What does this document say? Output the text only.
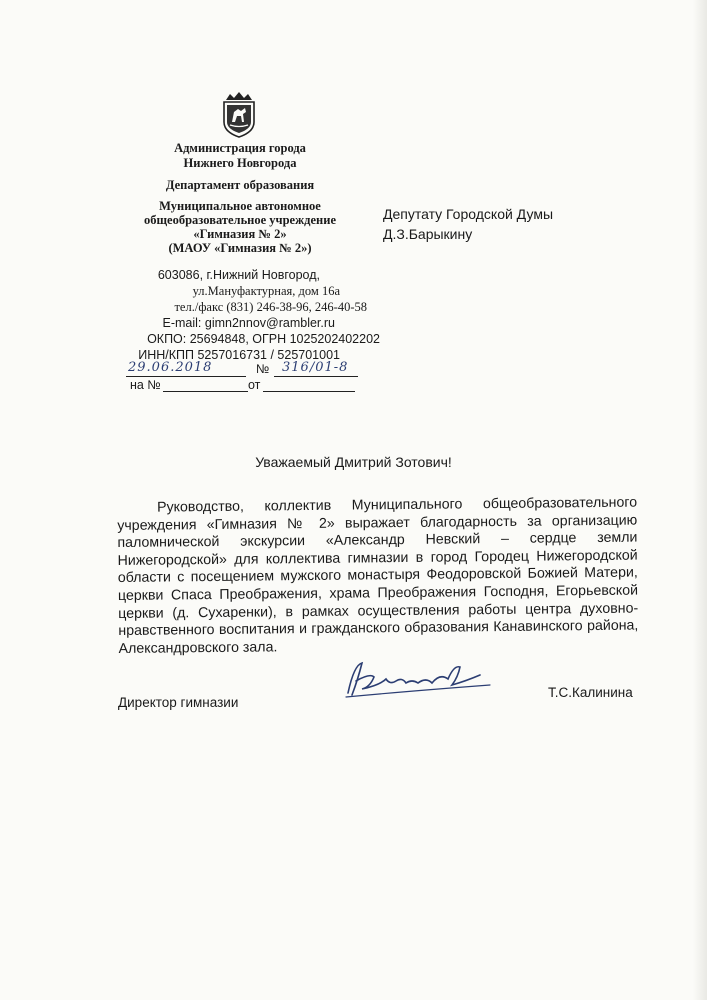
Администрация города

Нижнего Новгорода

Департамент образования

Муниципальное автономное

общеобразовательное учреждение

«Гимназия № 2»

(МАОУ «Гимназия № 2»)

603086, г.Нижний Новгород,

ул.Мануфактурная, дом 16а

тел./факс (831) 246-38-96, 246-40-58

E-mail: gimn2nnov@rambler.ru

ОКПО: 25694848, ОГРН 1025202402202

ИНН/КПП 5257016731 / 525701001

29.06.2018	№ 316/01-8
на №	от

Депутату Городской Думы
Д.З.Барыкину

Уважаемый Дмитрий Зотович!

Руководство, коллектив Муниципального общеобразовательного учреждения «Гимназия № 2» выражает благодарность за организацию паломнической экскурсии «Александр Невский – сердце земли Нижегородской» для коллектива гимназии в город Городец Нижегородской области с посещением мужского монастыря Феодоровской Божией Матери, церкви Спаса Преображения, храма Преображения Господня, Егорьевской церкви (д. Сухаренки), в рамках осуществления работы центра духовно-нравственного воспитания и гражданского образования Канавинского района, Александровского зала.

Директор гимназии

Т.С.Калинина
